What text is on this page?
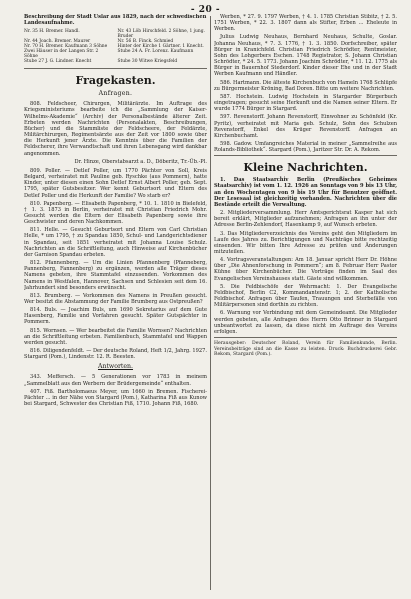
- 20 -
Beschreibung der Stadt Uslar aus 1829, nach der schwedischen Landesaufnahme.
Nr. 35 H. Bremer. Handl.	Nr. 43 Löb Hirschfeld. 2 Söhne, 1 jung. Bruder
Nr. 44 Joach. Bremer. Maurer	Nr. 56 B. Finck. Schmied
Nr. 70 H. Bremer. Kaufmann 3 Söhne	Hinter der Kirche 1 Gärtner. 1 Knecht.
Zwei Häuser in der Langen Str. 2 Söhne
Stube 24 A. Fr. Lorenz. Kaufmann
Stube 27 J. G. Lindner. Knecht	Stube 30 Witwe Kriegsfeld
Fragekasten.
Anfragen.

808. Feldscheer, Chirurgen, Militärärzte. Im Auftrage des Kriegsministeriums bearbeite ich die „Sammlung der Kaiser-Wilhelms-Akademie“ (Archiv) der Personalbestände älterer Zeit. Erbeten werden Nachrichten (Personalakten, Beschreibungen, Bücher) und die Stammliste der Feldscheere, der Feldärzte, Militärchirurgen, Regimentsärzte aus der Zeit vor 1800 sowie über die Herkunft jener Ärzte. Die Kenntnis über die Familien der Feldscherer, ihre Verwandtschaft und ihren Lebensgang wird dankbar angenommen.

Dr. Hinze, Oberstabsarzt a. D., Döberitz, Tr.-Üb.-Pl.

809. Poller. — Detlef Poller, um 1770 Pächter von Soll, Kreis Belgard, verheiratet mit Pauline geb. Ryschke (aus Pommern), hatte Kinder, unter diesen einen Sohn Detlef Ernst Albert Poller, geb. Sept. 1795, später Gutsbesitzer. Wer kennt Geburtsort und Eltern des Detlef Poller und die Herkunft der Familie? Wo starb er?

810. Papenberg. — Elisabeth Papenberg, * 10. 1. 1810 in Bielefeld, † 1. 3. 1873 in Berlin, verheiratet mit Christian Friedrich Mohr. Gesucht werden die Eltern der Elisabeth Papenberg sowie ihre Geschwister und deren Nachkommen.

811. Helle. — Gesucht Geburtsort und Eltern von Carl Christian Helle, * um 1795, † zu Spandau 1850, Schul- und Landgerichtsdiener in Spandau, seit 1851 verheiratet mit Johanna Louise Schulz. Nachrichten an die Schriftleitung, auch Hinweise auf Kirchenbücher der Garnison Spandau erbeten.

812. Pfannenberg. — Um die Linien Pfannenberg (Pfanneberg, Pannenberg, Fannenberg) zu ergänzen, werden alle Träger dieses Namens gebeten, ihre Stammtafel einzusenden. Vorkommen des Namens in Westfalen, Hannover, Sachsen und Schlesien seit dem 16. Jahrhundert sind besonders erwünscht.

813. Brumberg. — Vorkommen des Namens in Preußen gesucht. Wer besitzt die Abstammung der Familie Brumberg aus Ostpreußen?

814. Buls. — Joachim Buls, um 1690 Sekretarius auf dem Gute Hasenberg, Familie und Vorfahren gesucht. Später Gutspächter in Pommern.

815. Wornsen. — Wer bearbeitet die Familie Wornsen? Nachrichten an die Schriftleitung erbeten. Familienbuch, Stammtafel und Wappen werden gesucht.

816. Diligendenfeldt. — Der deutsche Roland, Heft 1/2, Jahrg. 1927. Stargard (Pom.), Lindenstr. 12. R. Beesten.

Antworten.

343. Meffersch. — 5 Generationen vor 1783 in meinem „Sammelblatt aus den Werbern der Brüdergemeinde“ enthalten.

407. Fiß. Bartholomaeus Meyer, um 1660 in Bremen. Fischerei-Pächter ... in der Nähe von Stargard (Pom.), Katharina Fiß aus Kunow bei Stargard, Schwester des Christian Fiß, 1710. Johann Fiß, 1680.

Werben, * 27. 9. 1797 Werben, † 4. 1. 1785 Christian Stibitz, † 2. 5. 1751 Werben, * 22. 3. 1807 dann als Stifter, Erben ... Eheleute in Werben.

Julius Ludwig Neuhaus, Bernhard Neuhaus, Schulte, Goslar. Johanna Neuhaus, * 7. 3. 1776, † 1. 3. 1850. Dorfschreiber, später Bürger in Kranichfeld. Christian Friedrich Schrödter, Rentmeister, Sohn des Lohgerbers Eschen. 1748 Registrator, S. Johann Christian Schrödter, * 24. 5. 1773. Johann Joachim Schrödter, * 11. 12. 1775 als Bürger in Bauernhof Stederdorf. Kinder dieser Ehe und in der Stadt Werben Kaufmann und Händler.

586. Hartmann. Die älteste Kirchenbuch von Hameln 1768 Schlüpfe zu Bürgermeister Kröning, Bad Doren. Bitte um weitere Nachrichten.

587. Hochstein. Ludwig Hochstein in Stargarder Bürgerbuch eingetragen; gesucht seine Herkunft und die Namen seiner Eltern. Er wurde 1774 Bürger in Stargard.

597. Revenstorff. Johann Revenstorff, Einwohner zu Schönfeld (Kr. Pyritz), verheiratet mit Maria geb. Schulz, Sohn des Schulzen Revenstorff, Enkel des Krüger Revenstorff. Anfragen an Kirchenbuchamt.

598. Gadow. Umfangreiches Material in meiner „Sammelreihe aus Rolands-Bibliothek“. Stargard (Pom.), Jaritzer Str. Dr. A. Rekom.

Kleine Nachrichten.

1. Das Staatsarchiv Berlin (Preußisches Geheimes Staatsarchiv) ist vom 1. 12. 1926 an Sonntags von 9 bis 13 Uhr, an den Wochentagen von 9 bis 19 Uhr für Benutzer geöffnet. Der Lesesaal ist gleichzeitig vorhanden. Nachrichten über die Bestände erteilt die Verwaltung.

2. Mitgliederversammlung. Herr Amtsgerichtsrat Kasper hat sich bereit erklärt, Mitglieder aufzunehmen; Anfragen an ihn unter der Adresse Berlin-Zehlendorf, Hasenkamp 9, auf Wunsch erbeten.

3. Das Mitgliederverzeichnis des Vereins geht den Mitgliedern im Laufe des Jahres zu. Berichtigungen und Nachträge bitte rechtzeitig einsenden. Wir bitten Ihre Adresse zu prüfen und Änderungen mitzuteilen.

4. Vortragsveranstaltungen: Am 18. Januar spricht Herr Dr. Höhne über „Die Ahnenforschung in Pommern“; am 8. Februar Herr Pastor Kühne über Kirchenbücher. Die Vorträge finden im Saal des Evangelischen Vereinshauses statt. Gäste sind willkommen.

5. Die Feldbischöfe der Wehrmacht: 1. Der Evangelische Feldbischof, Berlin C2, Kommandantenstr. 1; 2. der Katholische Feldbischof. Anfragen über Taufen, Trauungen und Sterbefälle von Militärpersonen sind dorthin zu richten.

6. Warnung vor Verbindung mit dem Gemeindeamt. Die Mitglieder werden gebeten, alle Anfragen des Herrn Otto Brinner in Stargard unbeantwortet zu lassen, da diese nicht im Auftrage des Vereins erfolgen.

Herausgeber: Deutscher Roland, Verein für Familienkunde, Berlin. Vereinsbeiträge sind an die Kasse zu leisten. Druck: Buchdruckerei Gebr. Rekom, Stargard (Pom.).
